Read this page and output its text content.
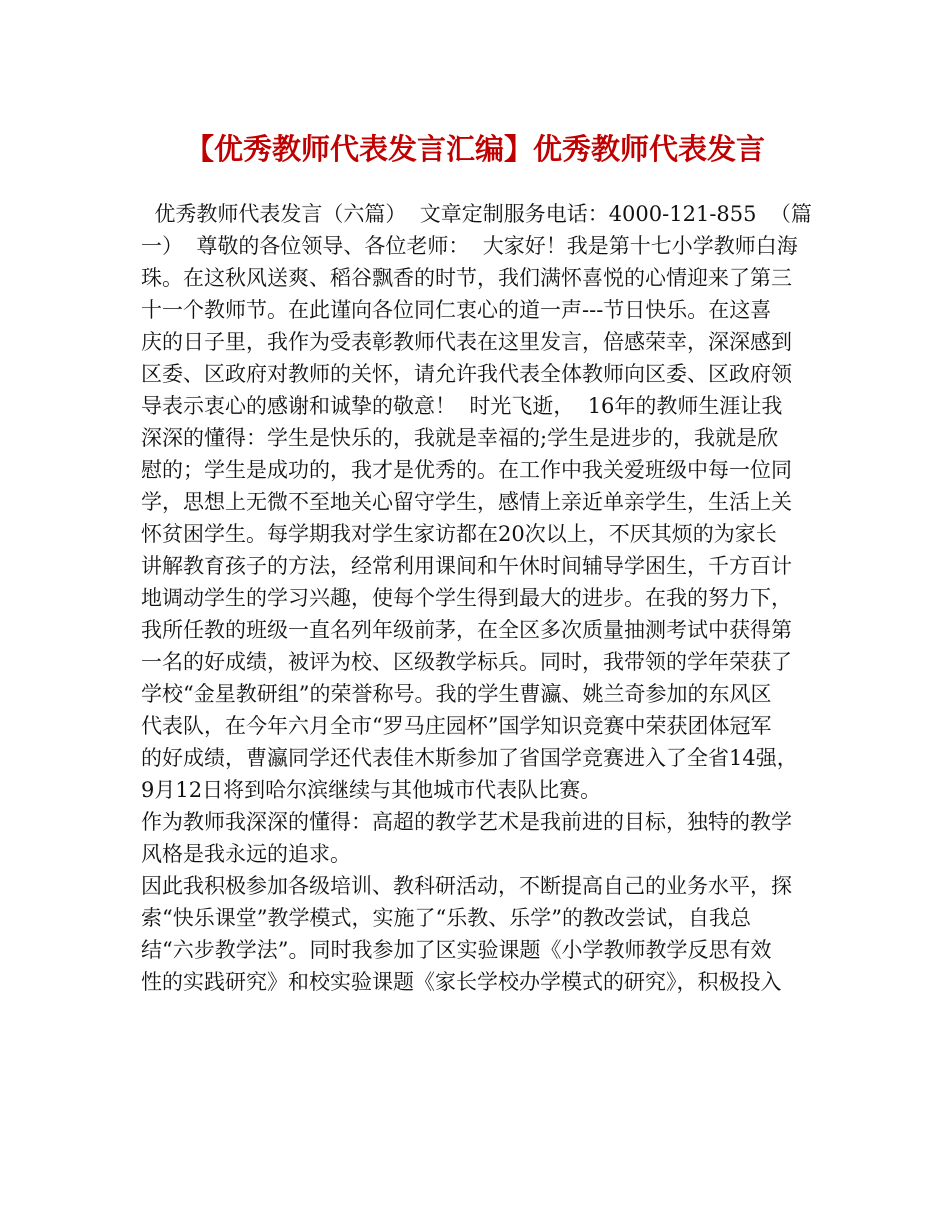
【优秀教师代表发言汇编】优秀教师代表发言
优秀教师代表发言（六篇）  文章定制服务电话：4000-121-855  （篇
一）  尊敬的各位领导、各位老师：  大家好！我是第十七小学教师白海
珠。在这秋风送爽、稻谷飘香的时节，我们满怀喜悦的心情迎来了第三
十一个教师节。在此谨向各位同仁衷心的道一声---节日快乐。在这喜
庆的日子里，我作为受表彰教师代表在这里发言，倍感荣幸，深深感到
区委、区政府对教师的关怀，请允许我代表全体教师向区委、区政府领
导表示衷心的感谢和诚挚的敬意！  时光飞逝，  16年的教师生涯让我
深深的懂得：学生是快乐的，我就是幸福的;学生是进步的，我就是欣
慰的；学生是成功的，我才是优秀的。在工作中我关爱班级中每一位同
学，思想上无微不至地关心留守学生，感情上亲近单亲学生，生活上关
怀贫困学生。每学期我对学生家访都在20次以上，不厌其烦的为家长
讲解教育孩子的方法，经常利用课间和午休时间辅导学困生，千方百计
地调动学生的学习兴趣，使每个学生得到最大的进步。在我的努力下，
我所任教的班级一直名列年级前茅，在全区多次质量抽测考试中获得第
一名的好成绩，被评为校、区级教学标兵。同时，我带领的学年荣获了
学校“金星教研组”的荣誉称号。我的学生曹瀛、姚兰奇参加的东风区
代表队，在今年六月全市“罗马庄园杯”国学知识竞赛中荣获团体冠军
的好成绩，曹瀛同学还代表佳木斯参加了省国学竞赛进入了全省14强，
9月12日将到哈尔滨继续与其他城市代表队比赛。
作为教师我深深的懂得：高超的教学艺术是我前进的目标，独特的教学
风格是我永远的追求。
因此我积极参加各级培训、教科研活动，不断提高自己的业务水平，探
索“快乐课堂”教学模式，实施了“乐教、乐学”的教改尝试，自我总
结“六步教学法”。同时我参加了区实验课题《小学教师教学反思有效
性的实践研究》和校实验课题《家长学校办学模式的研究》，积极投入
